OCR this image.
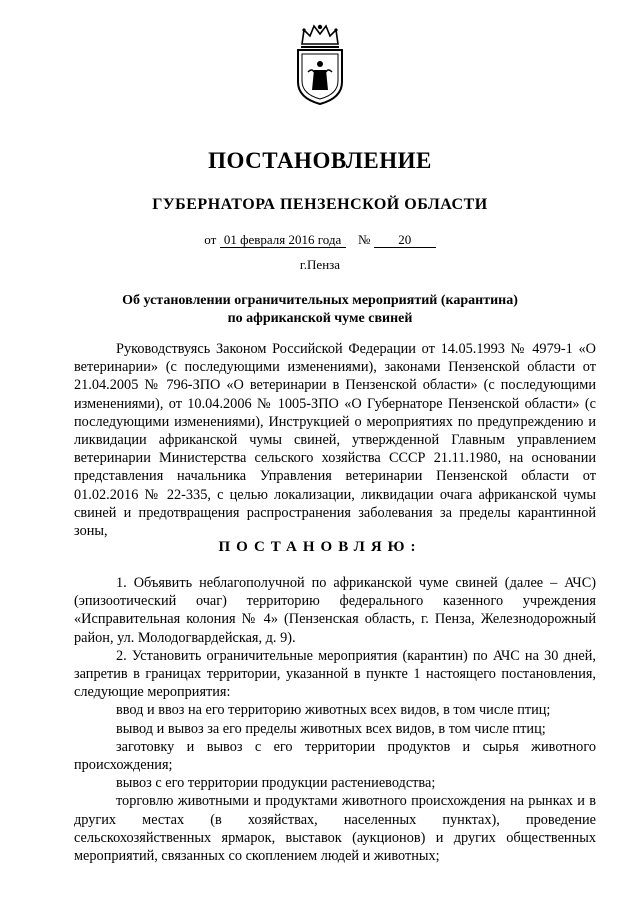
ПОСТАНОВЛЕНИЕ
ГУБЕРНАТОРА ПЕНЗЕНСКОЙ ОБЛАСТИ
от 01 февраля 2016 года № 20
г.Пенза
Об установлении ограничительных мероприятий (карантина)
по африканской чуме свиней

Руководствуясь Законом Российской Федерации от 14.05.1993 № 4979-1 «О ветеринарии» (с последующими изменениями), законами Пензенской области от 21.04.2005 № 796-ЗПО «О ветеринарии в Пензенской области» (с последующими изменениями), от 10.04.2006 № 1005-ЗПО «О Губернаторе Пензенской области» (с последующими изменениями), Инструкцией о мероприятиях по предупреждению и ликвидации африканской чумы свиней, утвержденной Главным управлением ветеринарии Министерства сельского хозяйства СССР 21.11.1980, на основании представления начальника Управления ветеринарии Пензенской области от 01.02.2016 № 22-335, с целью локализации, ликвидации очага африканской чумы свиней и предотвращения распространения заболевания за пределы карантинной зоны,

ПОСТАНОВЛЯЮ:

1. Объявить неблагополучной по африканской чуме свиней (далее – АЧС) (эпизоотический очаг) территорию федерального казенного учреждения «Исправительная колония № 4» (Пензенская область, г. Пенза, Железнодорожный район, ул. Молодогвардейская, д. 9).

2. Установить ограничительные мероприятия (карантин) по АЧС на 30 дней, запретив в границах территории, указанной в пункте 1 настоящего постановления, следующие мероприятия:

ввод и ввоз на его территорию животных всех видов, в том числе птиц;

вывод и вывоз за его пределы животных всех видов, в том числе птиц;

заготовку и вывоз с его территории продуктов и сырья животного происхождения;

вывоз с его территории продукции растениеводства;

торговлю животными и продуктами животного происхождения на рынках и в других местах (в хозяйствах, населенных пунктах), проведение сельскохозяйственных ярмарок, выставок (аукционов) и других общественных мероприятий, связанных со скоплением людей и животных;
